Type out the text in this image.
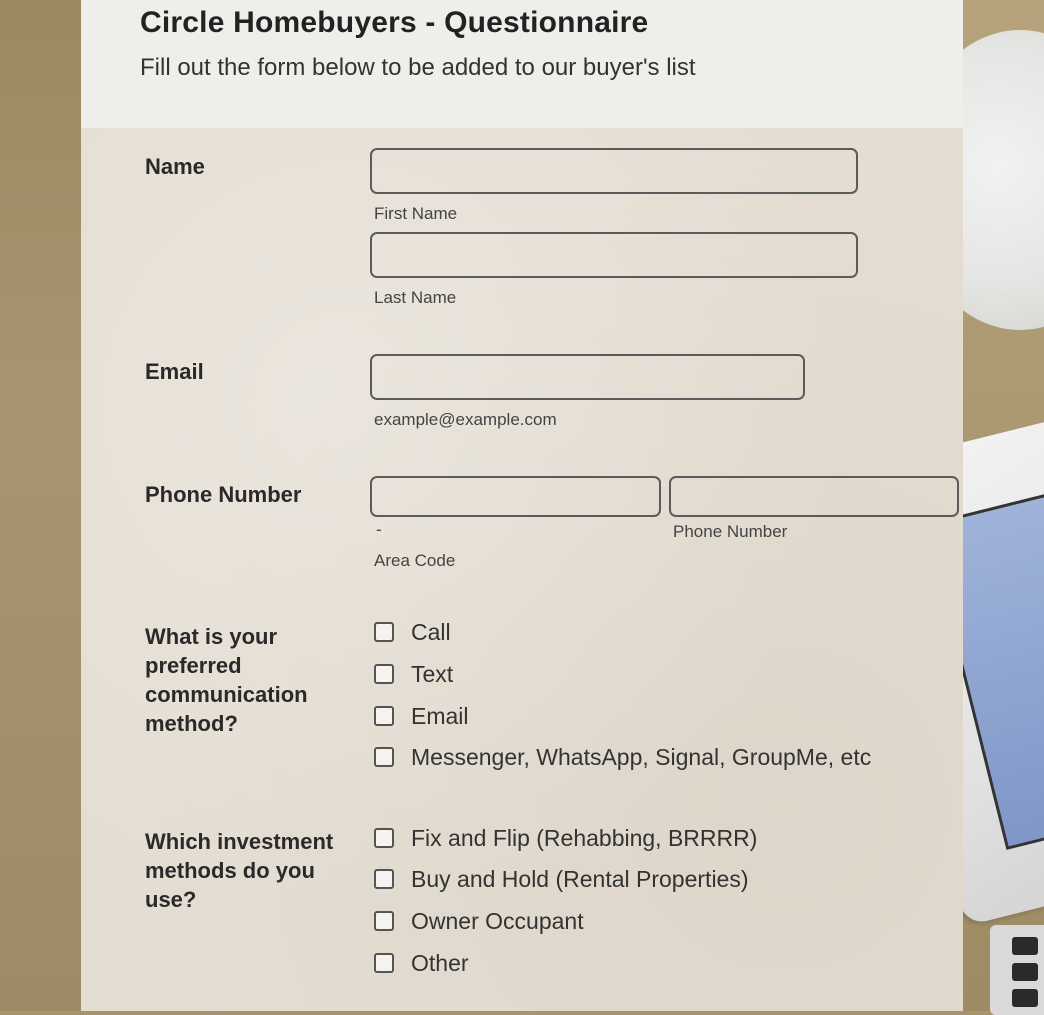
Circle Homebuyers - Questionnaire

Fill out the form below to be added to our buyer's list

Name
First Name
Last Name
Email
example@example.com
Phone Number
-
Area Code
Phone Number
What is your preferred communication method?
Call
Text
Email
Messenger, WhatsApp, Signal, GroupMe, etc
Which investment methods do you use?
Fix and Flip (Rehabbing, BRRRR)
Buy and Hold (Rental Properties)
Owner Occupant
Other
